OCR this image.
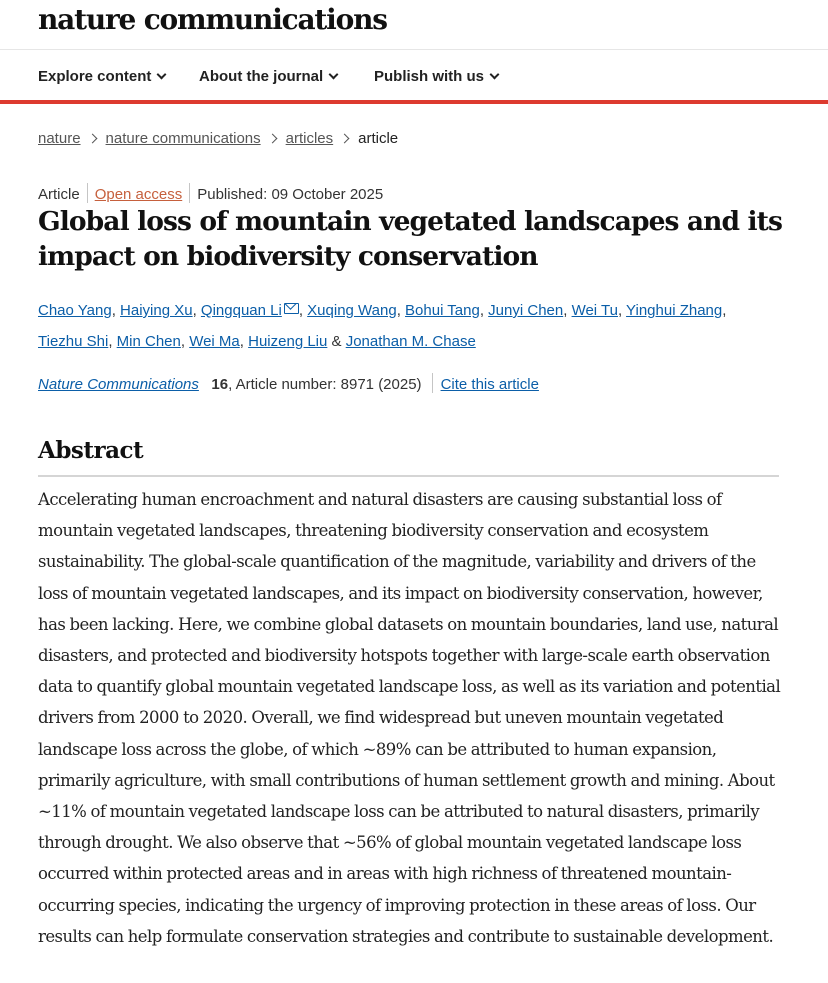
nature communications
Explore content	About the journal	Publish with us
nature nature communications articles article
Article Open access Published: 09 October 2025
Global loss of mountain vegetated landscapes and its impact on biodiversity conservation
Chao Yang, Haiying Xu, Qingquan Li , Xuqing Wang, Bohui Tang, Junyi Chen, Wei Tu, Yinghui Zhang,
Tiezhu Shi, Min Chen, Wei Ma, Huizeng Liu & Jonathan M. Chase
Nature Communications 16, Article number: 8971 (2025) Cite this article
Abstract

Accelerating human encroachment and natural disasters are causing substantial loss of mountain vegetated landscapes, threatening biodiversity conservation and ecosystem sustainability. The global-scale quantification of the magnitude, variability and drivers of the loss of mountain vegetated landscapes, and its impact on biodiversity conservation, however, has been lacking. Here, we combine global datasets on mountain boundaries, land use, natural disasters, and protected and biodiversity hotspots together with large-scale earth observation data to quantify global mountain vegetated landscape loss, as well as its variation and potential drivers from 2000 to 2020. Overall, we find widespread but uneven mountain vegetated landscape loss across the globe, of which ~89% can be attributed to human expansion, primarily agriculture, with small contributions of human settlement growth and mining. About ~11% of mountain vegetated landscape loss can be attributed to natural disasters, primarily through drought. We also observe that ~56% of global mountain vegetated landscape loss occurred within protected areas and in areas with high richness of threatened mountain-occurring species, indicating the urgency of improving protection in these areas of loss. Our results can help formulate conservation strategies and contribute to sustainable development.
